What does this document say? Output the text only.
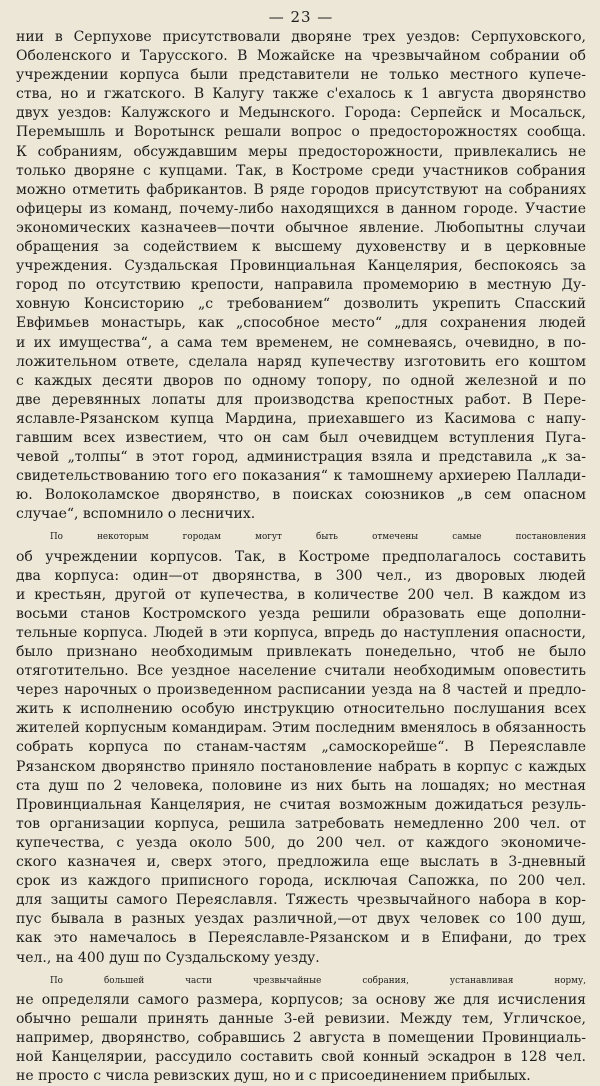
— 23 —
нии в Серпухове присутствовали дворяне трех уездов: Серпуховского,
Оболенского и Тарусского. В Можайске на чрезвычайном собрании об
учреждении корпуса были представители не только местного купече-
ства, но и гжатского. В Калугу также с'ехалось к 1 августа дворянство
двух уездов: Калужского и Медынского. Города: Серпейск и Мосальск,
Перемышль и Воротынск решали вопрос о предосторожностях сообща.
К собраниям, обсуждавшим меры предосторожности, привлекались не
только дворяне с купцами. Так, в Костроме среди участников собрания
можно отметить фабрикантов. В ряде городов присутствуют на собраниях
офицеры из команд, почему-либо находящихся в данном городе. Участие
экономических казначеев—почти обычное явление. Любопытны случаи
обращения за содействием к высшему духовенству и в церковные
учреждения. Суздальская Провинциальная Канцелярия, беспокоясь за
город по отсутствию крепости, направила промеморию в местную Ду-
ховную Консисторию „с требованием“ дозволить укрепить Спасский
Евфимьев монастырь, как „способное место“ „для сохранения людей
и их имущества“, а сама тем временем, не сомневаясь, очевидно, в по-
ложительном ответе, сделала наряд купечеству изготовить его коштом
с каждых десяти дворов по одному топору, по одной железной и по
две деревянных лопаты для производства крепостных работ. В Пере-
яславле-Рязанском купца Мардина, приехавшего из Касимова с напу-
гавшим всех известием, что он сам был очевидцем вступления Пуга-
чевой „толпы“ в этот город, администрация взяла и представила „к за-
свидетельствованию того его показания“ к тамошнему архиерею Паллади-
ю. Волоколамское дворянство, в поисках союзников „в сем опасном
случае“, вспомнило о лесничих.
По некоторым городам могут быть отмечены самые постановления
об учреждении корпусов. Так, в Костроме предполагалось составить
два корпуса: один—от дворянства, в 300 чел., из дворовых людей
и крестьян, другой от купечества, в количестве 200 чел. В каждом из
восьми станов Костромского уезда решили образовать еще дополни-
тельные корпуса. Людей в эти корпуса, впредь до наступления опасности,
было признано необходимым привлекать понедельно, чтоб не было
отяготительно. Все уездное население считали необходимым оповестить
через нарочных о произведенном расписании уезда на 8 частей и предло-
жить к исполнению особую инструкцию относительно послушания всех
жителей корпусным командирам. Этим последним вменялось в обязанность
собрать корпуса по станам-частям „самоскорейше“. В Переяславле
Рязанском дворянство приняло постановление набрать в корпус с каждых
ста душ по 2 человека, половине из них быть на лошадях; но местная
Провинциальная Канцелярия, не считая возможным дожидаться резуль-
тов организации корпуса, решила затребовать немедленно 200 чел. от
купечества, с уезда около 500, до 200 чел. от каждого экономиче-
ского казначея и, сверх этого, предложила еще выслать в 3-дневный
срок из каждого приписного города, исключая Сапожка, по 200 чел.
для защиты самого Переяславля. Тяжесть чрезвычайного набора в кор-
пус бывала в разных уездах различной,—от двух человек со 100 душ,
как это намечалось в Переяславле-Рязанском и в Епифани, до трех
чел., на 400 душ по Суздальскому уезду.
По большей части чрезвычайные собрания, устанавливая норму,
не определяли самого размера, корпусов; за основу же для исчисления
обычно решали принять данные 3-ей ревизии. Между тем, Угличское,
например, дворянство, собравшись 2 августа в помещении Провинциаль-
ной Канцелярии, рассудило составить свой конный эскадрон в 128 чел.
не просто с числа ревизских душ, но и с присоединением прибылых.
